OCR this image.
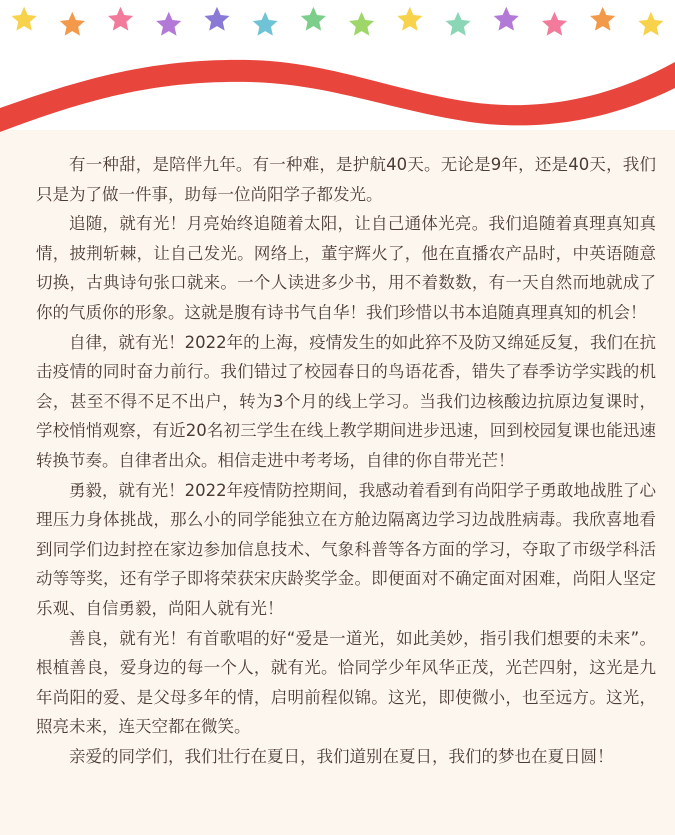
有一种甜，是陪伴九年。有一种难，是护航40天。无论是9年，还是40天，我们只是为了做一件事，助每一位尚阳学子都发光。

追随，就有光！月亮始终追随着太阳，让自己通体光亮。我们追随着真理真知真情，披荆斩棘，让自己发光。网络上，董宇辉火了，他在直播农产品时，中英语随意切换，古典诗句张口就来。一个人读进多少书，用不着数数，有一天自然而地就成了你的气质你的形象。这就是腹有诗书气自华！我们珍惜以书本追随真理真知的机会！

自律，就有光！2022年的上海，疫情发生的如此猝不及防又绵延反复，我们在抗击疫情的同时奋力前行。我们错过了校园春日的鸟语花香，错失了春季访学实践的机会，甚至不得不足不出户，转为3个月的线上学习。当我们边核酸边抗原边复课时，学校悄悄观察，有近20名初三学生在线上教学期间进步迅速，回到校园复课也能迅速转换节奏。自律者出众。相信走进中考考场，自律的你自带光芒！

勇毅，就有光！2022年疫情防控期间，我感动着看到有尚阳学子勇敢地战胜了心理压力身体挑战，那么小的同学能独立在方舱边隔离边学习边战胜病毒。我欣喜地看到同学们边封控在家边参加信息技术、气象科普等各方面的学习，夺取了市级学科活动等等奖，还有学子即将荣获宋庆龄奖学金。即便面对不确定面对困难，尚阳人坚定乐观、自信勇毅，尚阳人就有光！

善良，就有光！有首歌唱的好“爱是一道光，如此美妙，指引我们想要的未来”。根植善良，爱身边的每一个人，就有光。恰同学少年风华正茂，光芒四射，这光是九年尚阳的爱、是父母多年的情，启明前程似锦。这光，即使微小，也至远方。这光，照亮未来，连天空都在微笑。

亲爱的同学们，我们壮行在夏日，我们道别在夏日，我们的梦也在夏日圆！
